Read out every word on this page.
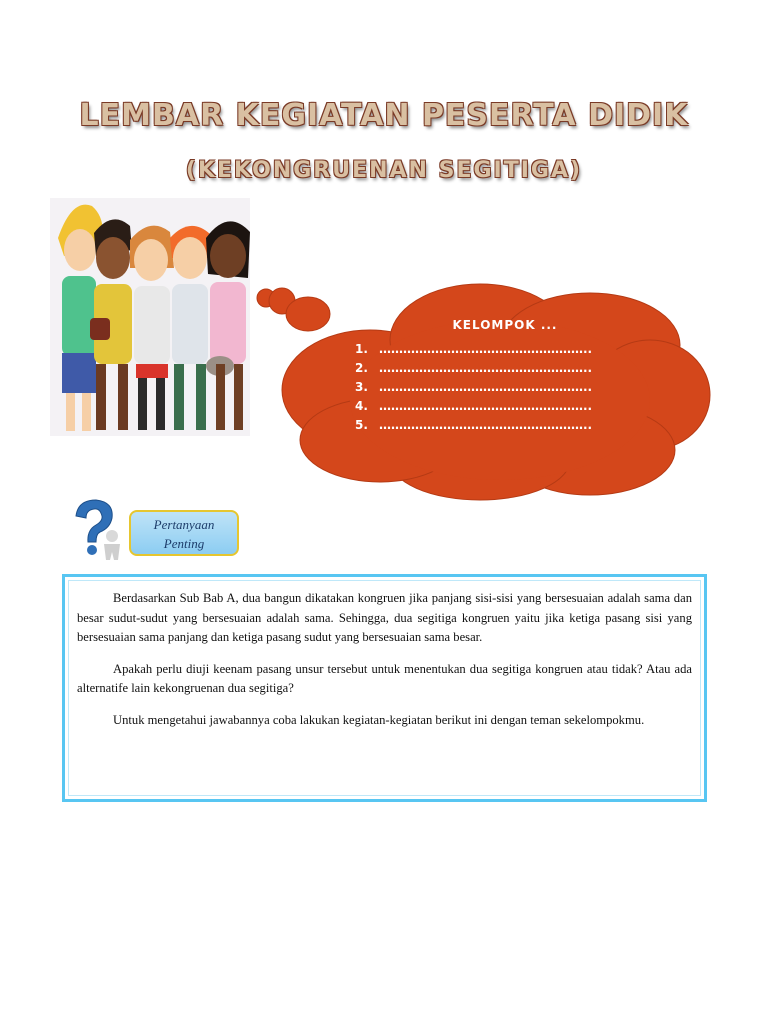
LEMBAR KEGIATAN PESERTA DIDIK
(KEKONGRUENAN SEGITIGA)
KELOMPOK ...
1. ……………………………………………..
2. ……………………………………………..
3. ……………………………………………..
4. ……………………………………………..
5. ……………………………………………..
Pertanyaan
Penting

Berdasarkan Sub Bab A, dua bangun dikatakan kongruen jika panjang sisi-sisi yang bersesuaian adalah sama dan besar sudut-sudut yang bersesuaian adalah sama. Sehingga, dua segitiga kongruen yaitu jika ketiga pasang sisi yang bersesuaian sama panjang dan ketiga pasang sudut yang bersesuaian sama besar.

Apakah perlu diuji keenam pasang unsur tersebut untuk menentukan dua segitiga kongruen atau tidak? Atau ada alternatife lain kekongruenan dua segitiga?

Untuk mengetahui jawabannya coba lakukan kegiatan-kegiatan berikut ini dengan teman sekelompokmu.
